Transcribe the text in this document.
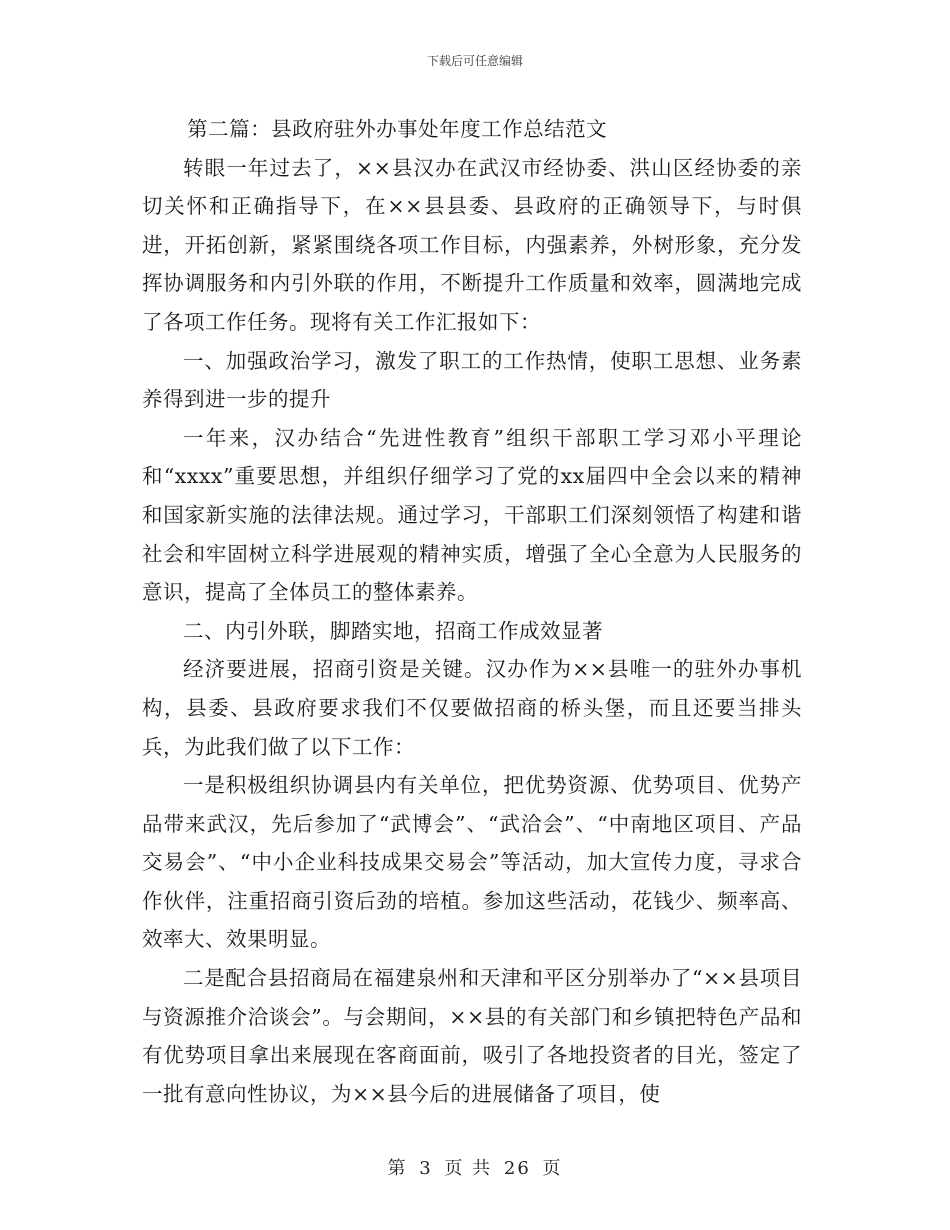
下载后可任意编辑

第二篇：县政府驻外办事处年度工作总结范文

转眼一年过去了，××县汉办在武汉市经协委、洪山区经协委的亲切关怀和正确指导下，在××县县委、县政府的正确领导下，与时俱进，开拓创新，紧紧围绕各项工作目标，内强素养，外树形象，充分发挥协调服务和内引外联的作用，不断提升工作质量和效率，圆满地完成了各项工作任务。现将有关工作汇报如下：

一、加强政治学习，激发了职工的工作热情，使职工思想、业务素养得到进一步的提升

一年来，汉办结合“先进性教育”组织干部职工学习邓小平理论和“xxxx”重要思想，并组织仔细学习了党的xx届四中全会以来的精神和国家新实施的法律法规。通过学习，干部职工们深刻领悟了构建和谐社会和牢固树立科学进展观的精神实质，增强了全心全意为人民服务的意识，提高了全体员工的整体素养。

二、内引外联，脚踏实地，招商工作成效显著

经济要进展，招商引资是关键。汉办作为××县唯一的驻外办事机构，县委、县政府要求我们不仅要做招商的桥头堡，而且还要当排头兵，为此我们做了以下工作：

一是积极组织协调县内有关单位，把优势资源、优势项目、优势产品带来武汉，先后参加了“武博会”、“武洽会”、“中南地区项目、产品交易会”、“中小企业科技成果交易会”等活动，加大宣传力度，寻求合作伙伴，注重招商引资后劲的培植。参加这些活动，花钱少、频率高、效率大、效果明显。

二是配合县招商局在福建泉州和天津和平区分别举办了“××县项目与资源推介洽谈会”。与会期间，××县的有关部门和乡镇把特色产品和有优势项目拿出来展现在客商面前，吸引了各地投资者的目光，签定了一批有意向性协议，为××县今后的进展储备了项目，使

第 3 页 共 26 页
